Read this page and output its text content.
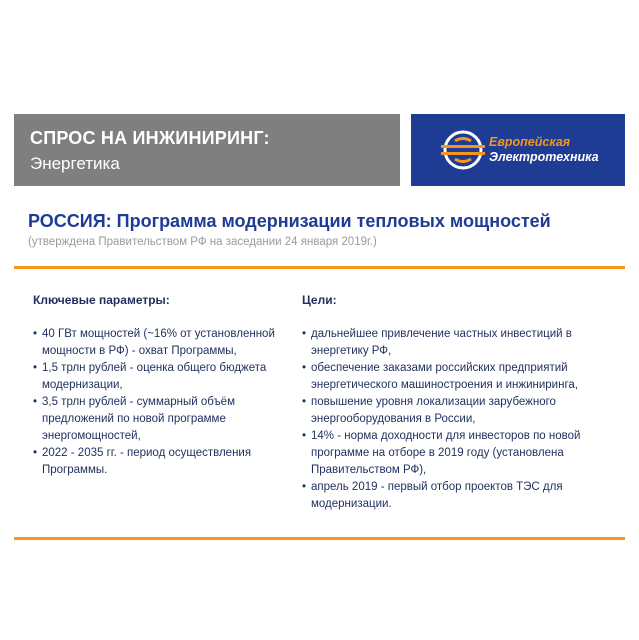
СПРОС НА ИНЖИНИРИНГ:
Энергетика
Европейская
Электротехника
РОССИЯ: Программа модернизации тепловых мощностей
(утверждена Правительством РФ на заседании 24 января 2019г.)
Ключевые параметры:
• 40 ГВт мощностей (~16% от установленной мощности в РФ) - охват Программы,
• 1,5 трлн рублей - оценка общего бюджета модернизации,
• 3,5 трлн рублей - суммарный объём предложений по новой программе энергомощностей,
• 2022 - 2035 гг. - период осуществления Программы.
Цели:
• дальнейшее привлечение частных инвестиций в энергетику РФ,
• обеспечение заказами российских предприятий энергетического машиностроения и инжиниринга,
• повышение уровня локализации зарубежного энергооборудования в России,
• 14% - норма доходности для инвесторов по новой программе на отборе в 2019 году (установлена Правительством РФ),
• апрель 2019 - первый отбор проектов ТЭС для модернизации.
